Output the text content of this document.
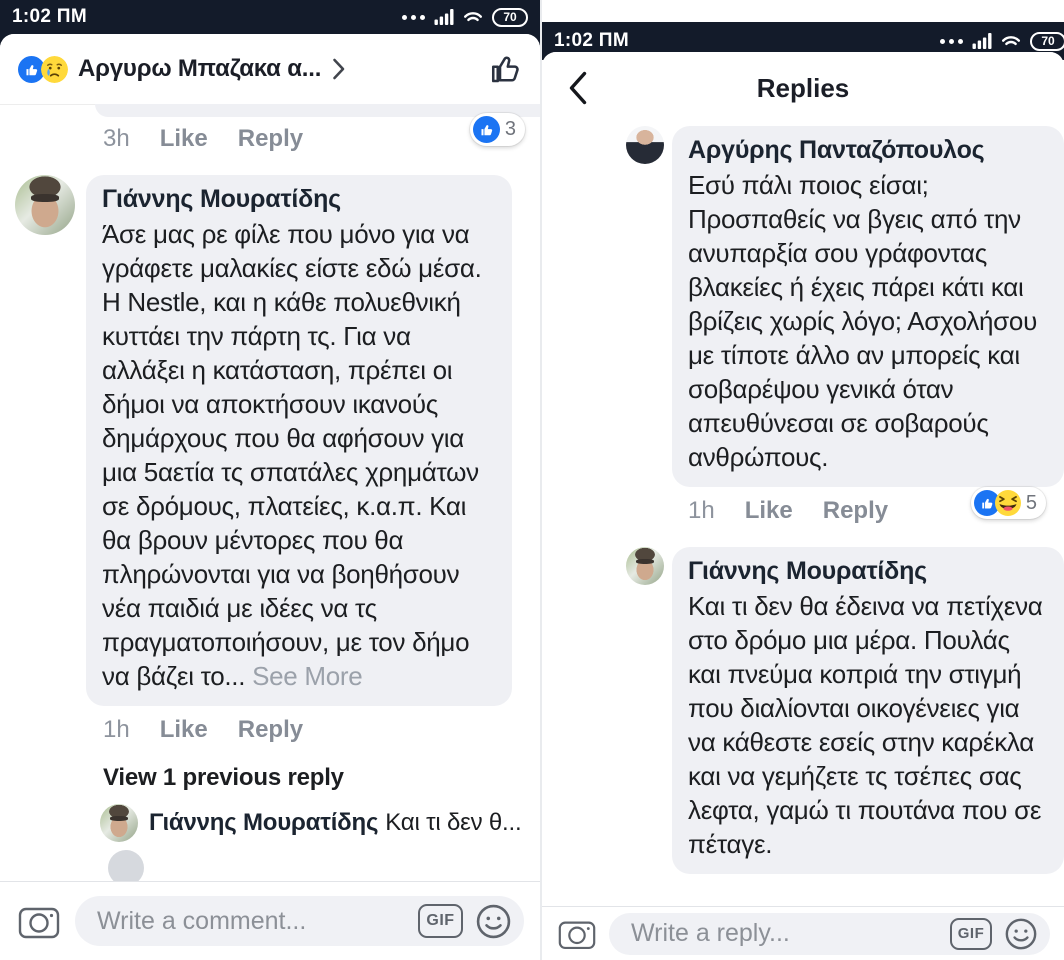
1:02 ΠΜ	70
Αργυρω Μπαζακα α...
3h Like Reply	3
Γιάννης Μουρατίδης
Άσε μας ρε φίλε που μόνο για να γράφετε μαλακίες είστε εδώ μέσα. Η Nestle, και η κάθε πολυεθνική κυττάει την πάρτη τς. Για να αλλάξει η κατάσταση, πρέπει οι δήμοι να αποκτήσουν ικανούς δημάρχους που θα αφήσουν για μια 5αετία τς σπατάλες χρημάτων σε δρόμους, πλατείες, κ.α.π. Και θα βρουν μέντορες που θα πληρώνονται για να βοηθήσουν νέα παιδιά με ιδέες να τς πραγματοποιήσουν, με τον δήμο να βάζει το... See More
1h Like Reply
View 1 previous reply
Γιάννης Μουρατίδης Και τι δεν θ...
Write a comment...	GIF
1:02 ΠΜ	70
Replies
Αργύρης Πανταζόπουλος
Εσύ πάλι ποιος είσαι; Προσπαθείς να βγεις από την ανυπαρξία σου γράφοντας βλακείες ή έχεις πάρει κάτι και βρίζεις χωρίς λόγο; Ασχολήσου με τίποτε άλλο αν μπορείς και σοβαρέψου γενικά όταν απευθύνεσαι σε σοβαρούς ανθρώπους.
1h Like Reply	5
Γιάννης Μουρατίδης
Και τι δεν θα έδεινα να πετίχενα στο δρόμο μια μέρα. Πουλάς και πνεύμα κοπριά την στιγμή που διαλίονται οικογένειες για να κάθεστε εσείς στην καρέκλα και να γεμήζετε τς τσέπες σας λεφτα, γαμώ τι πουτάνα που σε πέταγε.
Write a reply...	GIF
